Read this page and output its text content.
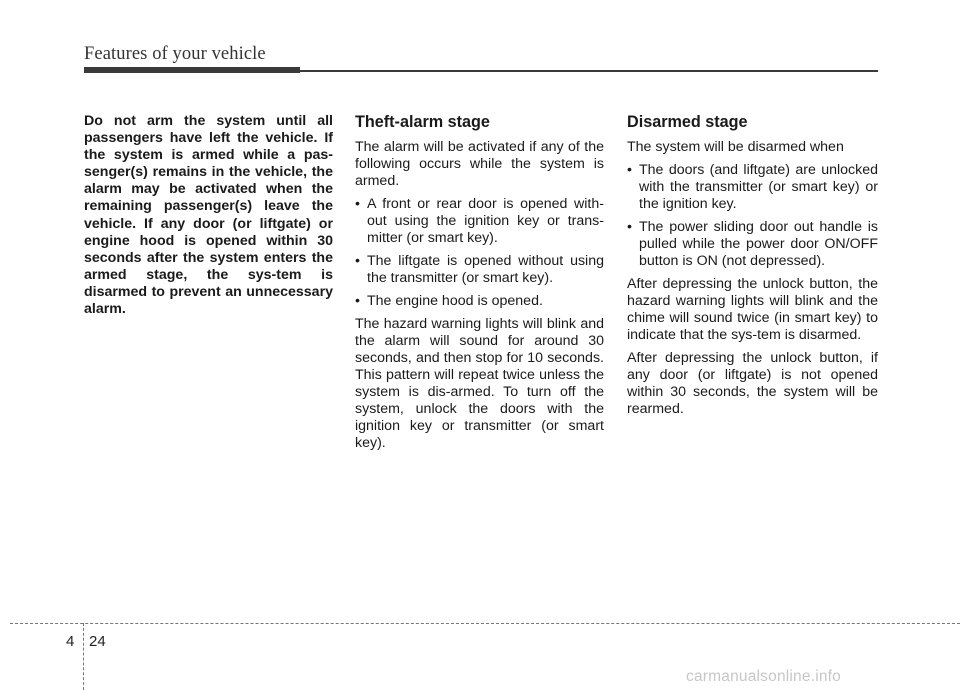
Features of your vehicle

Do not arm the system until all passengers have left the vehicle. If the system is armed while a pas-senger(s) remains in the vehicle, the alarm may be activated when the remaining passenger(s) leave the vehicle. If any door (or liftgate) or engine hood is opened within 30 seconds after the system enters the armed stage, the sys-tem is disarmed to prevent an unnecessary alarm.

Theft-alarm stage

The alarm will be activated if any of the following occurs while the system is armed.

• A front or rear door is opened with-out using the ignition key or trans-mitter (or smart key).
• The liftgate is opened without using the transmitter (or smart key).
• The engine hood is opened.

The hazard warning lights will blink and the alarm will sound for around 30 seconds, and then stop for 10 seconds. This pattern will repeat twice unless the system is dis-armed. To turn off the system, unlock the doors with the ignition key or transmitter (or smart key).

Disarmed stage

The system will be disarmed when

• The doors (and liftgate) are unlocked with the transmitter (or smart key) or the ignition key.
• The power sliding door out handle is pulled while the power door ON/OFF button is ON (not depressed).

After depressing the unlock button, the hazard warning lights will blink and the chime will sound twice (in smart key) to indicate that the sys-tem is disarmed.

After depressing the unlock button, if any door (or liftgate) is not opened within 30 seconds, the system will be rearmed.

4 24
carmanualsonline.info
